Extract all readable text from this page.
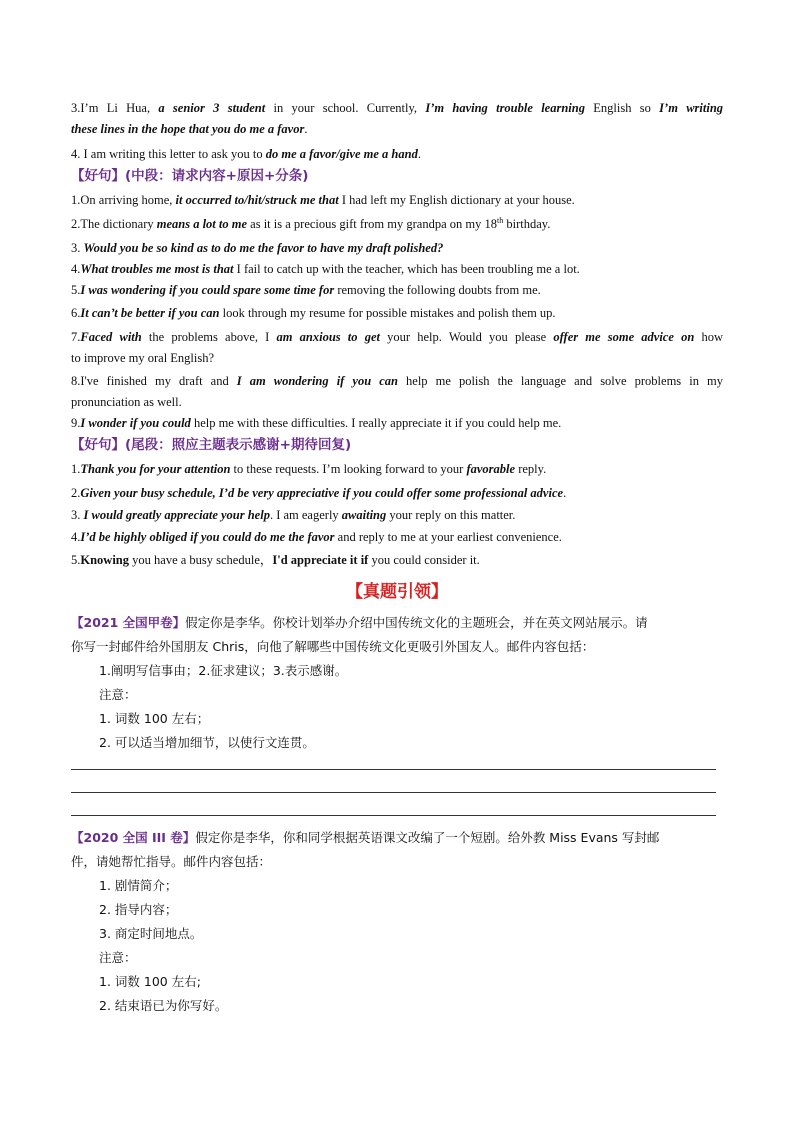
3.I’m Li Hua, a senior 3 student in your school. Currently, I’m having trouble learning English so I’m writing

these lines in the hope that you do me a favor.

4. I am writing this letter to ask you to do me a favor/give me a hand.

【好句】(中段：请求内容+原因+分条)

1.On arriving home, it occurred to/hit/struck me that I had left my English dictionary at your house.

2.The dictionary means a lot to me as it is a precious gift from my grandpa on my 18th birthday.

3. Would you be so kind as to do me the favor to have my draft polished?

4.What troubles me most is that I fail to catch up with the teacher, which has been troubling me a lot.

5.I was wondering if you could spare some time for removing the following doubts from me.

6.It can’t be better if you can look through my resume for possible mistakes and polish them up.

7.Faced with the problems above, I am anxious to get your help. Would you please offer me some advice on how

to improve my oral English?

8.I've finished my draft and I am wondering if you can help me polish the language and solve problems in my

pronunciation as well.

9.I wonder if you could help me with these difficulties. I really appreciate it if you could help me.

【好句】(尾段：照应主题表示感谢+期待回复)

1.Thank you for your attention to these requests. I’m looking forward to your favorable reply.

2.Given your busy schedule, I’d be very appreciative if you could offer some professional advice.

3. I would greatly appreciate your help. I am eagerly awaiting your reply on this matter.

4.I’d be highly obliged if you could do me the favor and reply to me at your earliest convenience.

5.Knowing you have a busy schedule，I'd appreciate it if you could consider it.

【真题引领】

【2021 全国甲卷】假定你是李华。你校计划举办介绍中国传统文化的主题班会，并在英文网站展示。请

你写一封邮件给外国朋友 Chris，向他了解哪些中国传统文化更吸引外国友人。邮件内容包括：

1.阐明写信事由；2.征求建议；3.表示感谢。

注意：

1. 词数 100 左右；

2. 可以适当增加细节，以使行文连贯。

【2020 全国 III 卷】假定你是李华，你和同学根据英语课文改编了一个短剧。给外教 Miss Evans 写封邮

件，请她帮忙指导。邮件内容包括：

1. 剧情简介；

2. 指导内容；

3. 商定时间地点。

注意：

1. 词数 100 左右;

2. 结束语已为你写好。
